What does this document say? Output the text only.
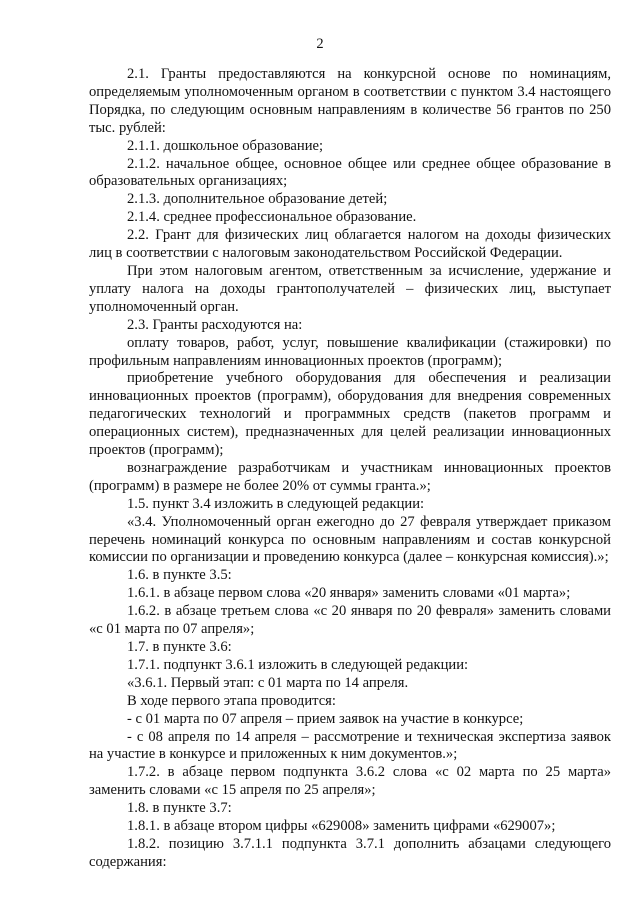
2

2.1. Гранты предоставляются на конкурсной основе по номинациям, определяемым уполномоченным органом в соответствии с пунктом 3.4 настоящего Порядка, по следующим основным направлениям в количестве 56 грантов по 250 тыс. рублей:

2.1.1. дошкольное образование;

2.1.2. начальное общее, основное общее или среднее общее образование в образовательных организациях;

2.1.3. дополнительное образование детей;

2.1.4. среднее профессиональное образование.

2.2. Грант для физических лиц облагается налогом на доходы физических лиц в соответствии с налоговым законодательством Российской Федерации.

При этом налоговым агентом, ответственным за исчисление, удержание и уплату налога на доходы грантополучателей – физических лиц, выступает уполномоченный орган.

2.3. Гранты расходуются на:

оплату товаров, работ, услуг, повышение квалификации (стажировки) по профильным направлениям инновационных проектов (программ);

приобретение учебного оборудования для обеспечения и реализации инновационных проектов (программ), оборудования для внедрения современных педагогических технологий и программных средств (пакетов программ и операционных систем), предназначенных для целей реализации инновационных проектов (программ);

вознаграждение разработчикам и участникам инновационных проектов (программ) в размере не более 20% от суммы гранта.»;

1.5. пункт 3.4 изложить в следующей редакции:

«3.4. Уполномоченный орган ежегодно до 27 февраля утверждает приказом перечень номинаций конкурса по основным направлениям и состав конкурсной комиссии по организации и проведению конкурса (далее – конкурсная комиссия).»;

1.6. в пункте 3.5:

1.6.1. в абзаце первом слова «20 января» заменить словами «01 марта»;

1.6.2. в абзаце третьем слова «с 20 января по 20 февраля» заменить словами «с 01 марта по 07 апреля»;

1.7. в пункте 3.6:

1.7.1. подпункт 3.6.1 изложить в следующей редакции:

«3.6.1. Первый этап: с 01 марта по 14 апреля.

В ходе первого этапа проводится:

- с 01 марта по 07 апреля – прием заявок на участие в конкурсе;

- с 08 апреля по 14 апреля – рассмотрение и техническая экспертиза заявок на участие в конкурсе и приложенных к ним документов.»;

1.7.2. в абзаце первом подпункта 3.6.2 слова «с 02 марта по 25 марта» заменить словами «с 15 апреля по 25 апреля»;

1.8. в пункте 3.7:

1.8.1. в абзаце втором цифры «629008» заменить цифрами «629007»;

1.8.2. позицию 3.7.1.1 подпункта 3.7.1 дополнить абзацами следующего содержания:
